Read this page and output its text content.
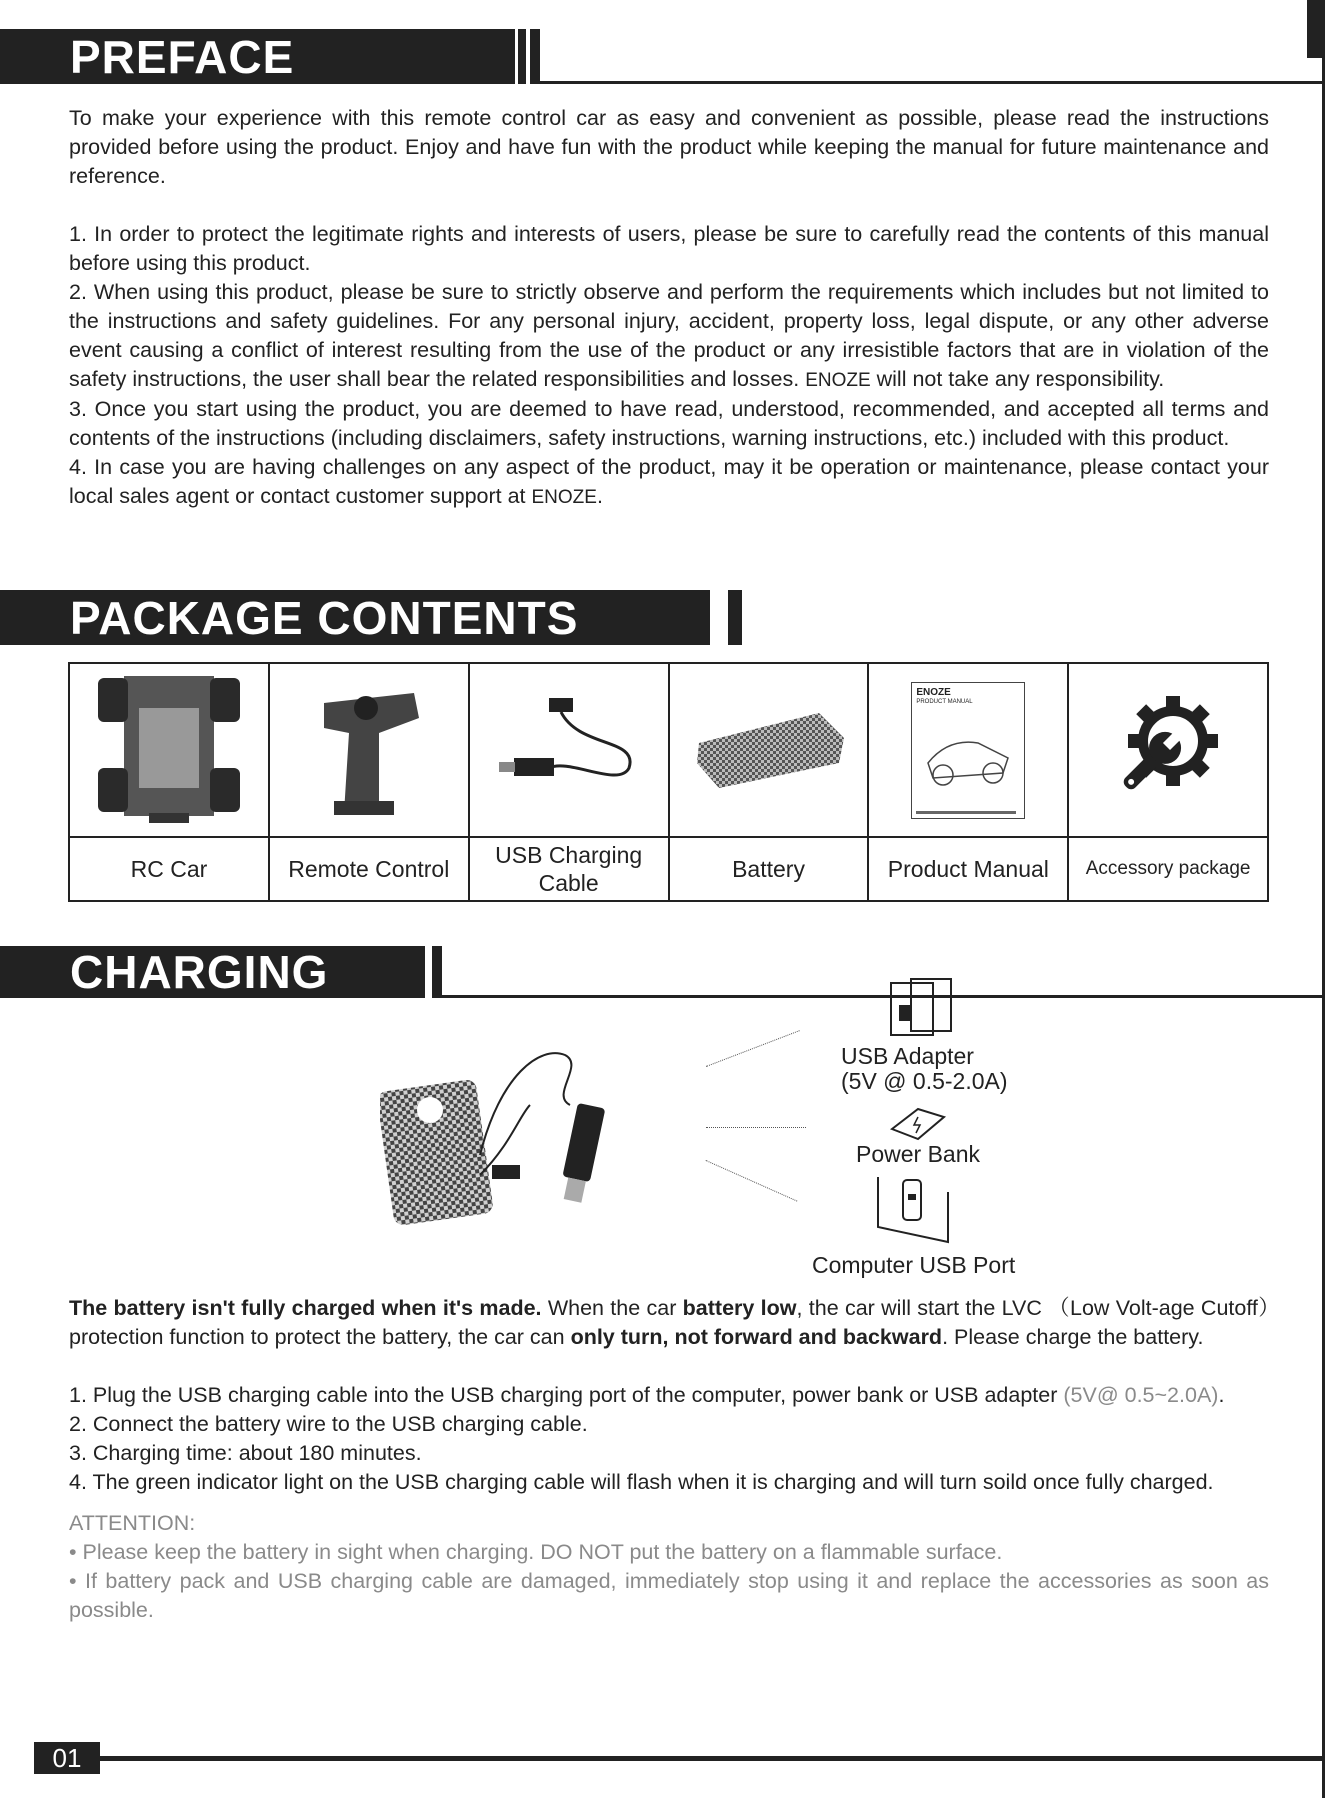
PREFACE

To make your experience with this remote control car as easy and convenient as possible, please read the instructions provided before using the product. Enjoy and have fun with the product while keeping the manual for future maintenance and reference.

1. In order to protect the legitimate rights and interests of users, please be sure to carefully read the contents of this manual before using this product.

2. When using this product, please be sure to strictly observe and perform the requirements which includes but not limited to the instructions and safety guidelines. For any personal injury, accident, property loss, legal dispute, or any other adverse event causing a conflict of interest resulting from the use of the product or any irresistible factors that are in violation of the safety instructions, the user shall bear the related responsibilities and losses. ENOZE will not take any responsibility.

3. Once you start using the product, you are deemed to have read, understood, recommended, and accepted all terms and contents of the instructions (including disclaimers, safety instructions, warning instructions, etc.) included with this product.

4. In case you are having challenges on any aspect of the product, may it be operation or maintenance, please contact your local sales agent or contact customer support at ENOZE.

PACKAGE CONTENTS

ENOZE
PRODUCT MANUAL

RC Car	Remote Control	USB Charging Cable	Battery	Product Manual	Accessory package
CHARGING
USB Adapter
(5V @ 0.5-2.0A)
Power Bank
Computer USB Port

The battery isn't fully charged when it's made. When the car battery low, the car will start the LVC （Low Volt-age Cutoff）protection function to protect the battery, the car can only turn, not forward and backward. Please charge the battery.

1. Plug the USB charging cable into the USB charging port of the computer, power bank or USB adapter (5V@ 0.5~2.0A).

2. Connect the battery wire to the USB charging cable.

3. Charging time: about 180 minutes.

4. The green indicator light on the USB charging cable will flash when it is charging and will turn soild once fully charged.

ATTENTION:

• Please keep the battery in sight when charging. DO NOT put the battery on a flammable surface.

• If battery pack and USB charging cable are damaged, immediately stop using it and replace the accessories as soon as possible.

01
